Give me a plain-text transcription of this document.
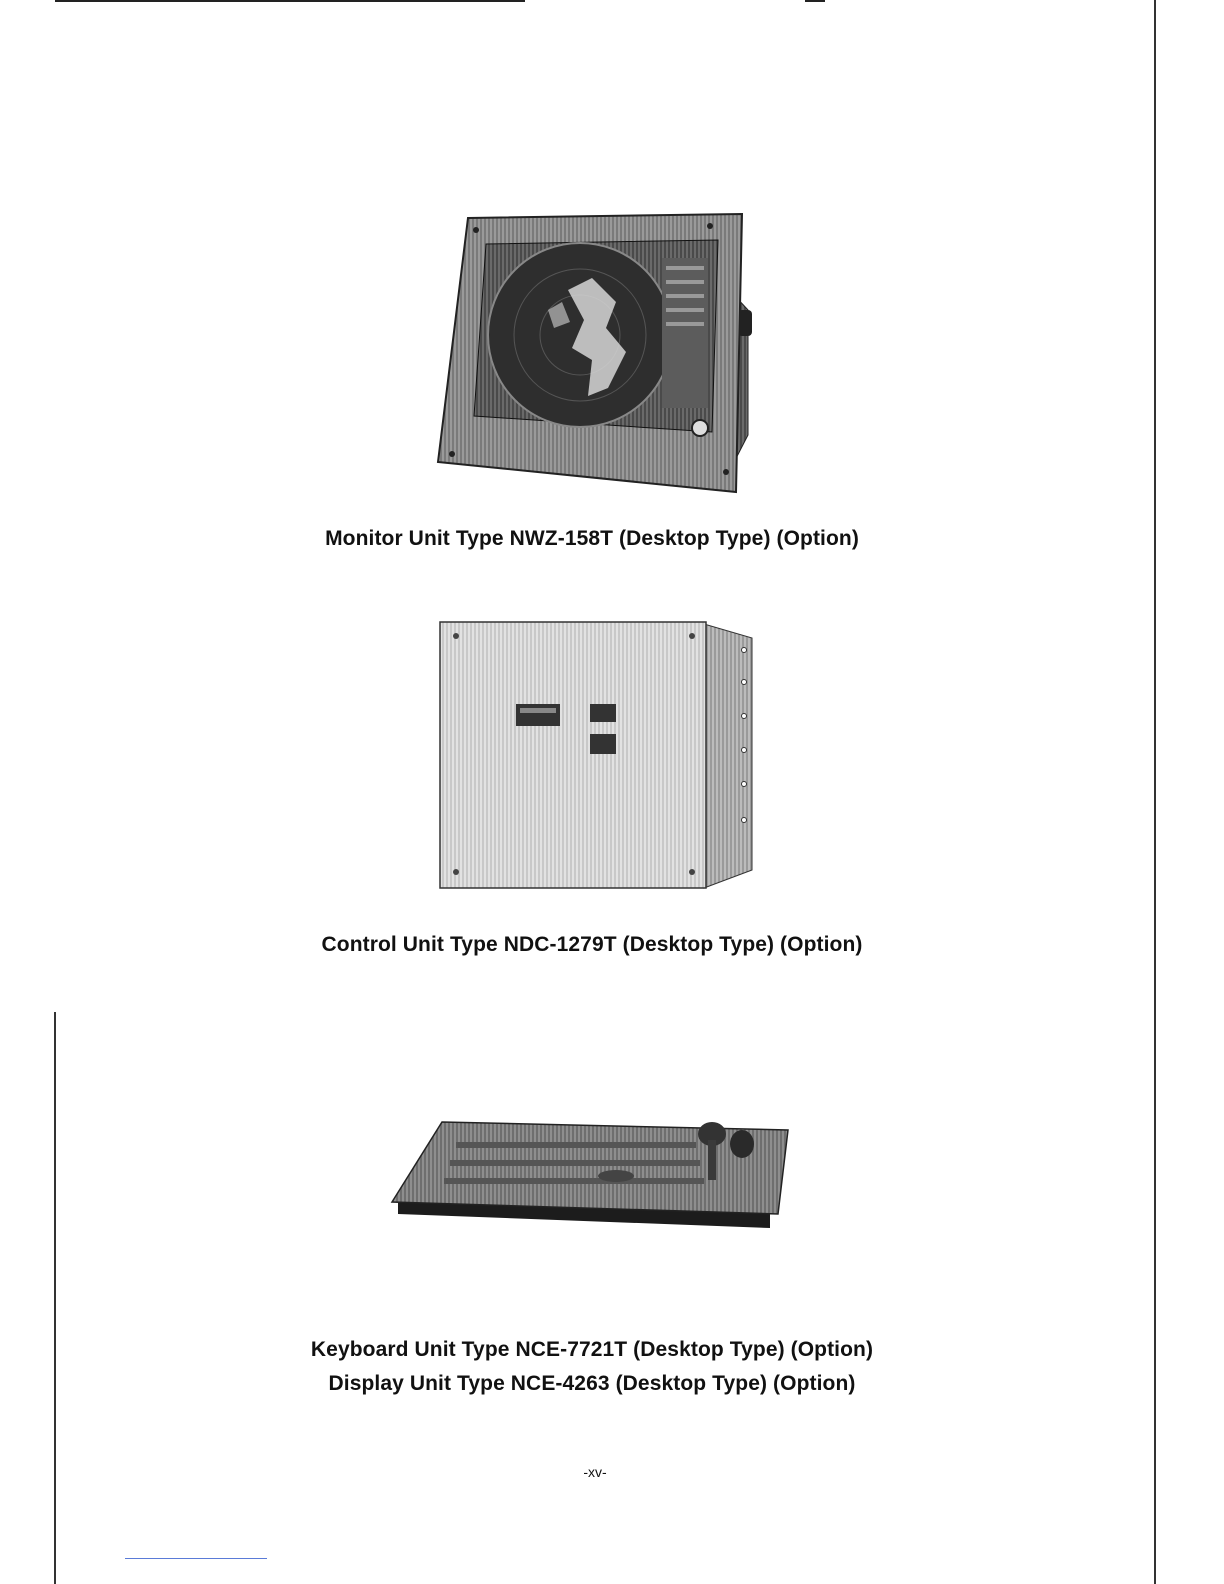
Monitor Unit Type NWZ-158T (Desktop Type) (Option)
Control Unit Type NDC-1279T (Desktop Type) (Option)
Keyboard Unit Type NCE-7721T (Desktop Type) (Option)
Display Unit Type NCE-4263 (Desktop Type) (Option)
-xv-
